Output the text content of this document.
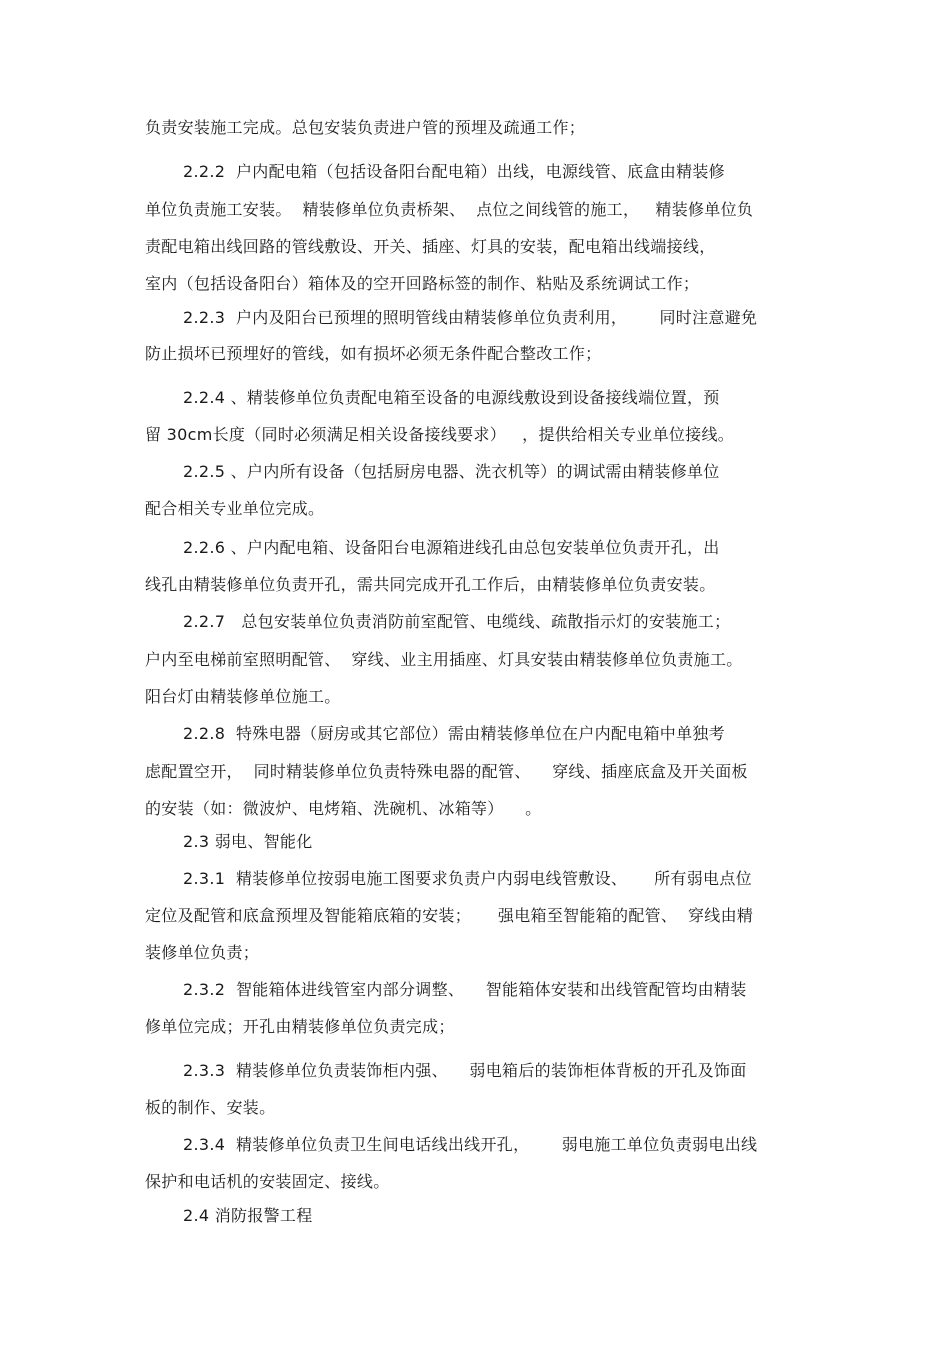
负责安装施工完成。总包安装负责进户管的预埋及疏通工作；
2.2.2  户内配电箱（包括设备阳台配电箱）出线，电源线管、底盒由精装修
单位负责施工安装。  精装修单位负责桥架、  点位之间线管的施工，   精装修单位负
责配电箱出线回路的管线敷设、开关、插座、灯具的安装，配电箱出线端接线，
室内（包括设备阳台）箱体及的空开回路标签的制作、粘贴及系统调试工作；
2.2.3  户内及阳台已预埋的照明管线由精装修单位负责利用，      同时注意避免
防止损坏已预埋好的管线，如有损坏必须无条件配合整改工作；
2.2.4 、精装修单位负责配电箱至设备的电源线敷设到设备接线端位置，预
留 30cm长度（同时必须满足相关设备接线要求）   ，提供给相关专业单位接线。
2.2.5 、户内所有设备（包括厨房电器、洗衣机等）的调试需由精装修单位
配合相关专业单位完成。
2.2.6 、户内配电箱、设备阳台电源箱进线孔由总包安装单位负责开孔，出
线孔由精装修单位负责开孔，需共同完成开孔工作后，由精装修单位负责安装。
2.2.7   总包安装单位负责消防前室配管、电缆线、疏散指示灯的安装施工；
户内至电梯前室照明配管、  穿线、业主用插座、灯具安装由精装修单位负责施工。
阳台灯由精装修单位施工。
2.2.8  特殊电器（厨房或其它部位）需由精装修单位在户内配电箱中单独考
虑配置空开，  同时精装修单位负责特殊电器的配管、    穿线、插座底盒及开关面板
的安装（如：微波炉、电烤箱、洗碗机、冰箱等）    。
2.3 弱电、智能化
2.3.1  精装修单位按弱电施工图要求负责户内弱电线管敷设、     所有弱电点位
定位及配管和底盒预埋及智能箱底箱的安装；     强电箱至智能箱的配管、  穿线由精
装修单位负责；
2.3.2  智能箱体进线管室内部分调整、    智能箱体安装和出线管配管均由精装
修单位完成；开孔由精装修单位负责完成；
2.3.3  精装修单位负责装饰柜内强、    弱电箱后的装饰柜体背板的开孔及饰面
板的制作、安装。
2.3.4  精装修单位负责卫生间电话线出线开孔，      弱电施工单位负责弱电出线
保护和电话机的安装固定、接线。
2.4 消防报警工程
